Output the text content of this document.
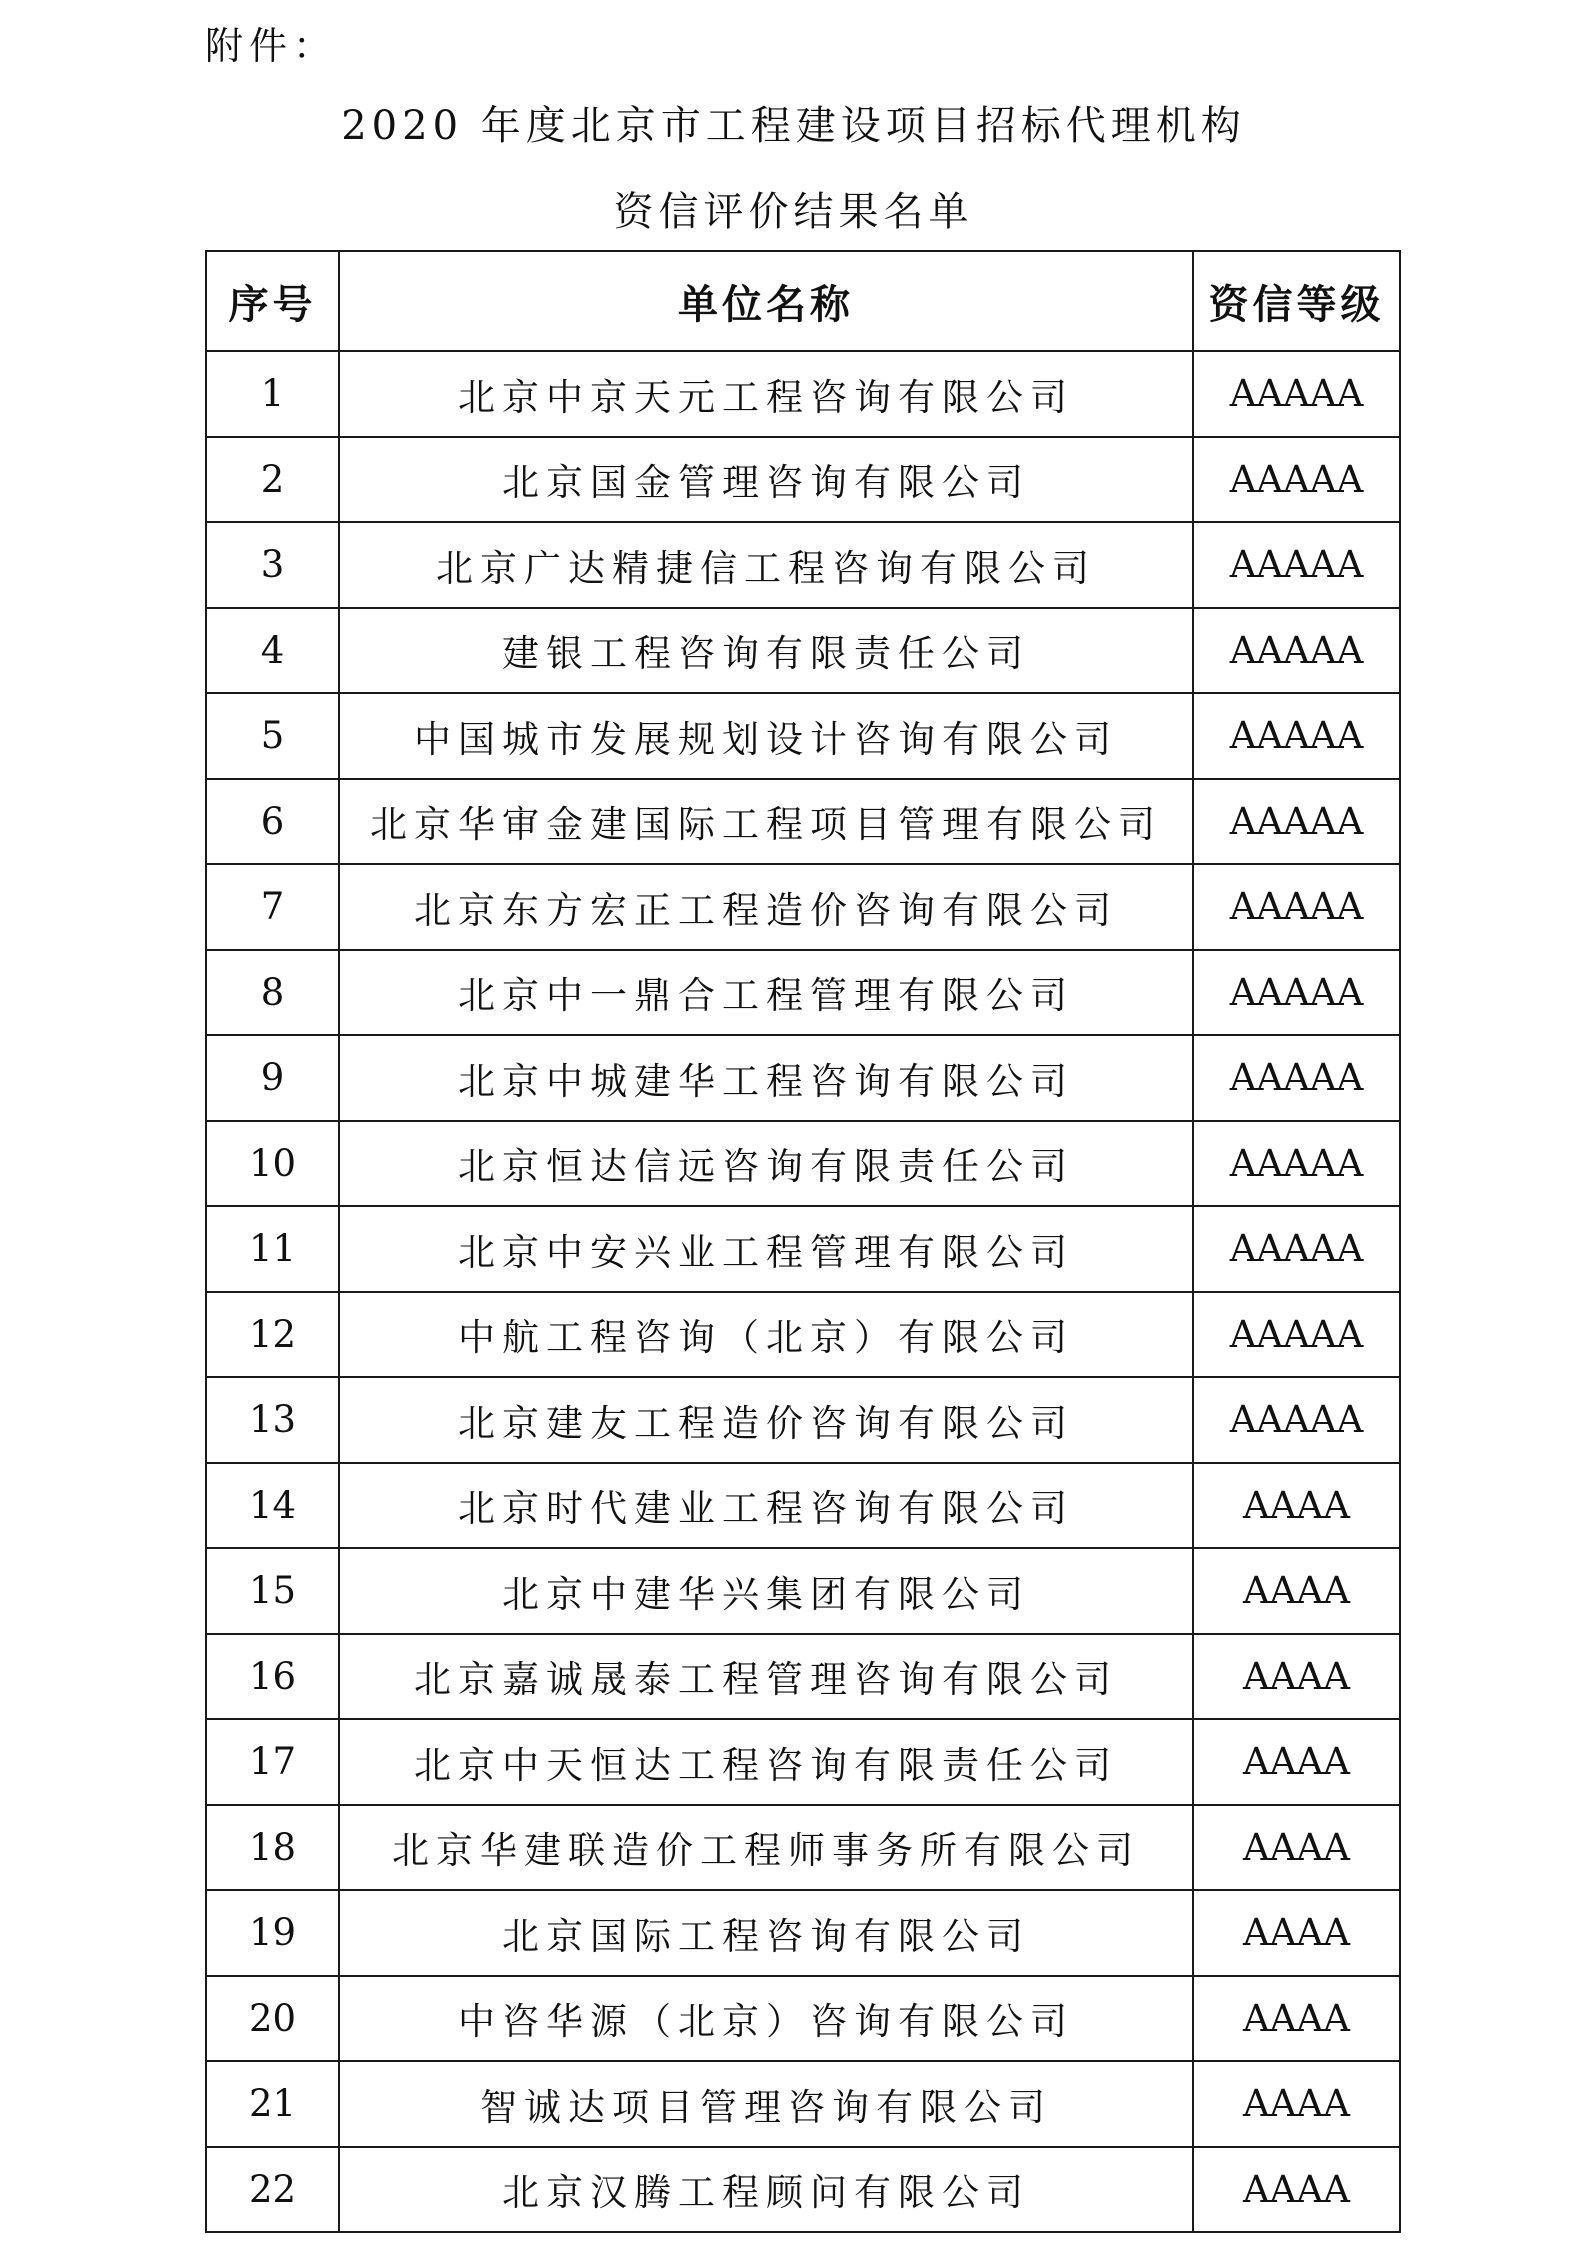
附件：
2020 年度北京市工程建设项目招标代理机构
资信评价结果名单
序号	单位名称	资信等级
1	北京中京天元工程咨询有限公司	AAAAA
2	北京国金管理咨询有限公司	AAAAA
3	北京广达精捷信工程咨询有限公司	AAAAA
4	建银工程咨询有限责任公司	AAAAA
5	中国城市发展规划设计咨询有限公司	AAAAA
6	北京华审金建国际工程项目管理有限公司	AAAAA
7	北京东方宏正工程造价咨询有限公司	AAAAA
8	北京中一鼎合工程管理有限公司	AAAAA
9	北京中城建华工程咨询有限公司	AAAAA
10	北京恒达信远咨询有限责任公司	AAAAA
11	北京中安兴业工程管理有限公司	AAAAA
12	中航工程咨询（北京）有限公司	AAAAA
13	北京建友工程造价咨询有限公司	AAAAA
14	北京时代建业工程咨询有限公司	AAAA
15	北京中建华兴集团有限公司	AAAA
16	北京嘉诚晟泰工程管理咨询有限公司	AAAA
17	北京中天恒达工程咨询有限责任公司	AAAA
18	北京华建联造价工程师事务所有限公司	AAAA
19	北京国际工程咨询有限公司	AAAA
20	中咨华源（北京）咨询有限公司	AAAA
21	智诚达项目管理咨询有限公司	AAAA
22	北京汉腾工程顾问有限公司	AAAA
